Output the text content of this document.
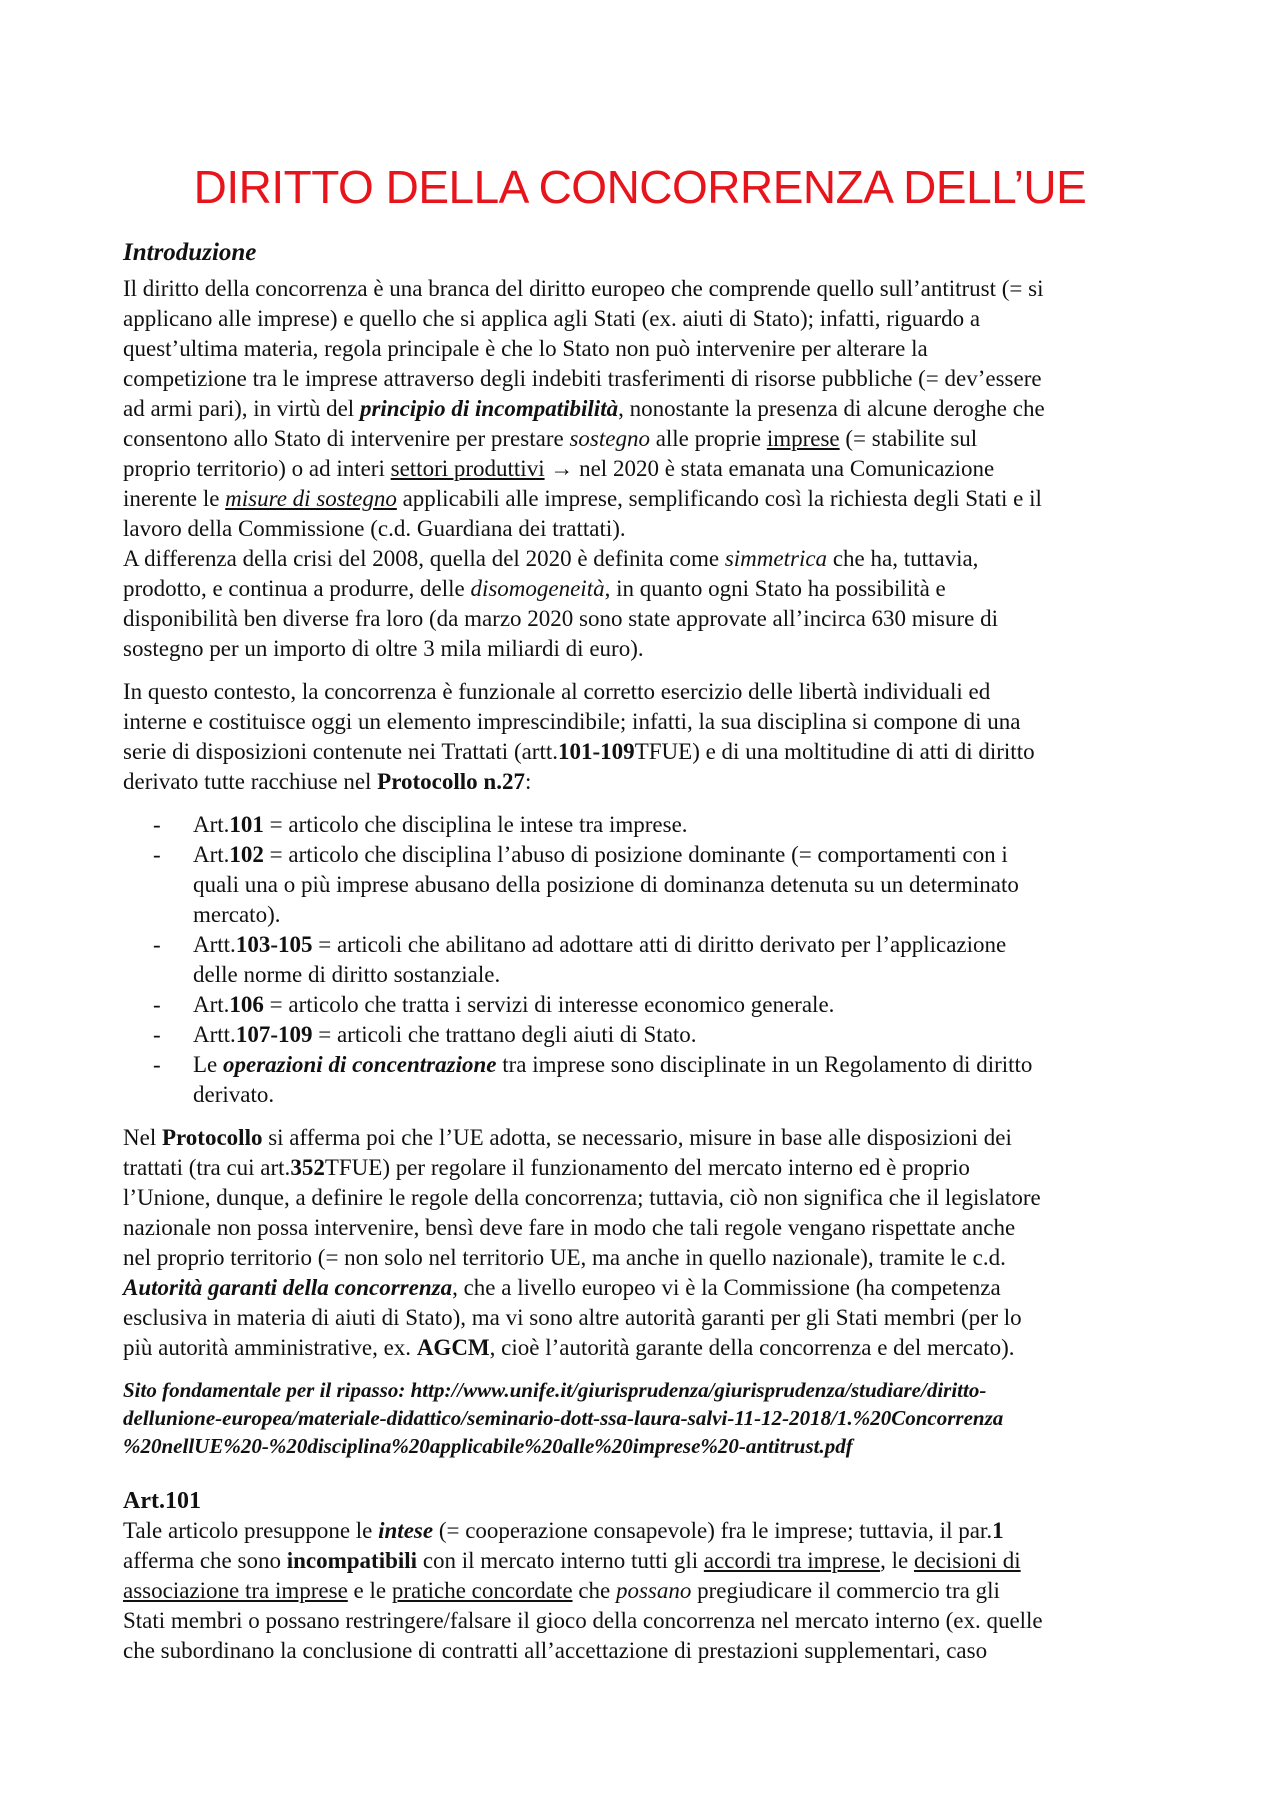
DIRITTO DELLA CONCORRENZA DELL’UE
Introduzione
Il diritto della concorrenza è una branca del diritto europeo che comprende quello sull’antitrust (= si
applicano alle imprese) e quello che si applica agli Stati (ex. aiuti di Stato); infatti, riguardo a
quest’ultima materia, regola principale è che lo Stato non può intervenire per alterare la
competizione tra le imprese attraverso degli indebiti trasferimenti di risorse pubbliche (= dev’essere
ad armi pari), in virtù del principio di incompatibilità, nonostante la presenza di alcune deroghe che
consentono allo Stato di intervenire per prestare sostegno alle proprie imprese (= stabilite sul
proprio territorio) o ad interi settori produttivi → nel 2020 è stata emanata una Comunicazione
inerente le misure di sostegno applicabili alle imprese, semplificando così la richiesta degli Stati e il
lavoro della Commissione (c.d. Guardiana dei trattati).
A differenza della crisi del 2008, quella del 2020 è definita come simmetrica che ha, tuttavia,
prodotto, e continua a produrre, delle disomogeneità, in quanto ogni Stato ha possibilità e
disponibilità ben diverse fra loro (da marzo 2020 sono state approvate all’incirca 630 misure di
sostegno per un importo di oltre 3 mila miliardi di euro).
In questo contesto, la concorrenza è funzionale al corretto esercizio delle libertà individuali ed
interne e costituisce oggi un elemento imprescindibile; infatti, la sua disciplina si compone di una
serie di disposizioni contenute nei Trattati (artt.101-109TFUE) e di una moltitudine di atti di diritto
derivato tutte racchiuse nel Protocollo n.27:
- Art.101 = articolo che disciplina le intese tra imprese.
- Art.102 = articolo che disciplina l’abuso di posizione dominante (= comportamenti con i
quali una o più imprese abusano della posizione di dominanza detenuta su un determinato
mercato).
- Artt.103-105 = articoli che abilitano ad adottare atti di diritto derivato per l’applicazione
delle norme di diritto sostanziale.
- Art.106 = articolo che tratta i servizi di interesse economico generale.
- Artt.107-109 = articoli che trattano degli aiuti di Stato.
- Le operazioni di concentrazione tra imprese sono disciplinate in un Regolamento di diritto
derivato.
Nel Protocollo si afferma poi che l’UE adotta, se necessario, misure in base alle disposizioni dei
trattati (tra cui art.352TFUE) per regolare il funzionamento del mercato interno ed è proprio
l’Unione, dunque, a definire le regole della concorrenza; tuttavia, ciò non significa che il legislatore
nazionale non possa intervenire, bensì deve fare in modo che tali regole vengano rispettate anche
nel proprio territorio (= non solo nel territorio UE, ma anche in quello nazionale), tramite le c.d.
Autorità garanti della concorrenza, che a livello europeo vi è la Commissione (ha competenza
esclusiva in materia di aiuti di Stato), ma vi sono altre autorità garanti per gli Stati membri (per lo
più autorità amministrative, ex. AGCM, cioè l’autorità garante della concorrenza e del mercato).
Sito fondamentale per il ripasso: http://www.unife.it/giurisprudenza/giurisprudenza/studiare/diritto-
dellunione-europea/materiale-didattico/seminario-dott-ssa-laura-salvi-11-12-2018/1.%20Concorrenza
%20nellUE%20-%20disciplina%20applicabile%20alle%20imprese%20-antitrust.pdf
Art.101
Tale articolo presuppone le intese (= cooperazione consapevole) fra le imprese; tuttavia, il par.1
afferma che sono incompatibili con il mercato interno tutti gli accordi tra imprese, le decisioni di
associazione tra imprese e le pratiche concordate che possano pregiudicare il commercio tra gli
Stati membri o possano restringere/falsare il gioco della concorrenza nel mercato interno (ex. quelle
che subordinano la conclusione di contratti all’accettazione di prestazioni supplementari, caso
